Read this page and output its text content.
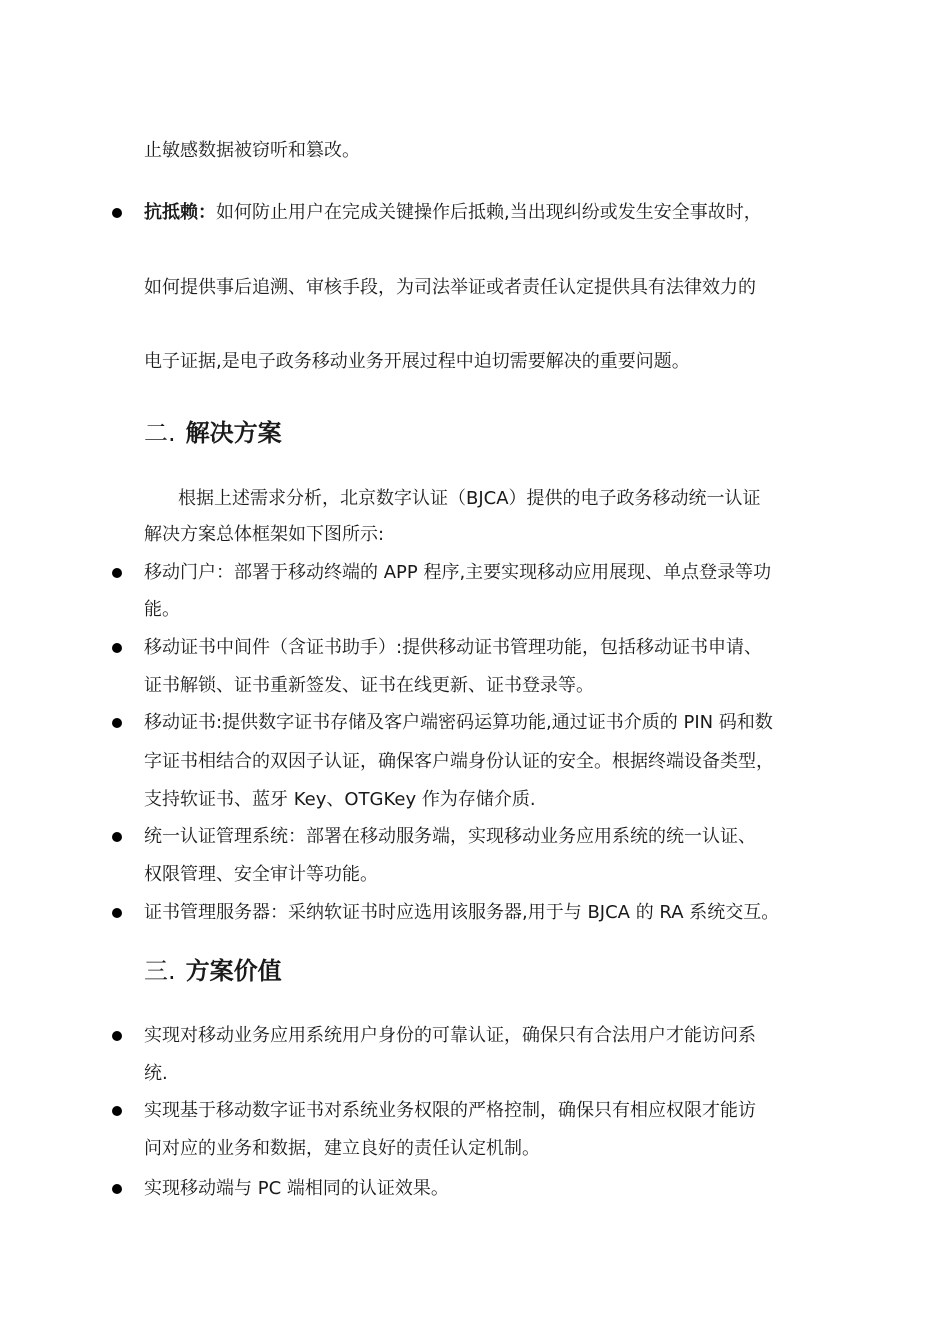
止敏感数据被窃听和篡改。
抗抵赖：如何防止用户在完成关键操作后抵赖,当出现纠纷或发生安全事故时，
如何提供事后追溯、审核手段，为司法举证或者责任认定提供具有法律效力的
电子证据,是电子政务移动业务开展过程中迫切需要解决的重要问题。
二. 解决方案
根据上述需求分析，北京数字认证（BJCA）提供的电子政务移动统一认证
解决方案总体框架如下图所示:
移动门户：部署于移动终端的 APP 程序,主要实现移动应用展现、单点登录等功
能。
移动证书中间件（含证书助手）:提供移动证书管理功能，包括移动证书申请、
证书解锁、证书重新签发、证书在线更新、证书登录等。
移动证书:提供数字证书存储及客户端密码运算功能,通过证书介质的 PIN 码和数
字证书相结合的双因子认证，确保客户端身份认证的安全。根据终端设备类型，
支持软证书、蓝牙 Key、OTGKey 作为存储介质.
统一认证管理系统：部署在移动服务端，实现移动业务应用系统的统一认证、
权限管理、安全审计等功能。
证书管理服务器：采纳软证书时应选用该服务器,用于与 BJCA 的 RA 系统交互。
三. 方案价值
实现对移动业务应用系统用户身份的可靠认证，确保只有合法用户才能访问系
统.
实现基于移动数字证书对系统业务权限的严格控制，确保只有相应权限才能访
问对应的业务和数据，建立良好的责任认定机制。
实现移动端与 PC 端相同的认证效果。
